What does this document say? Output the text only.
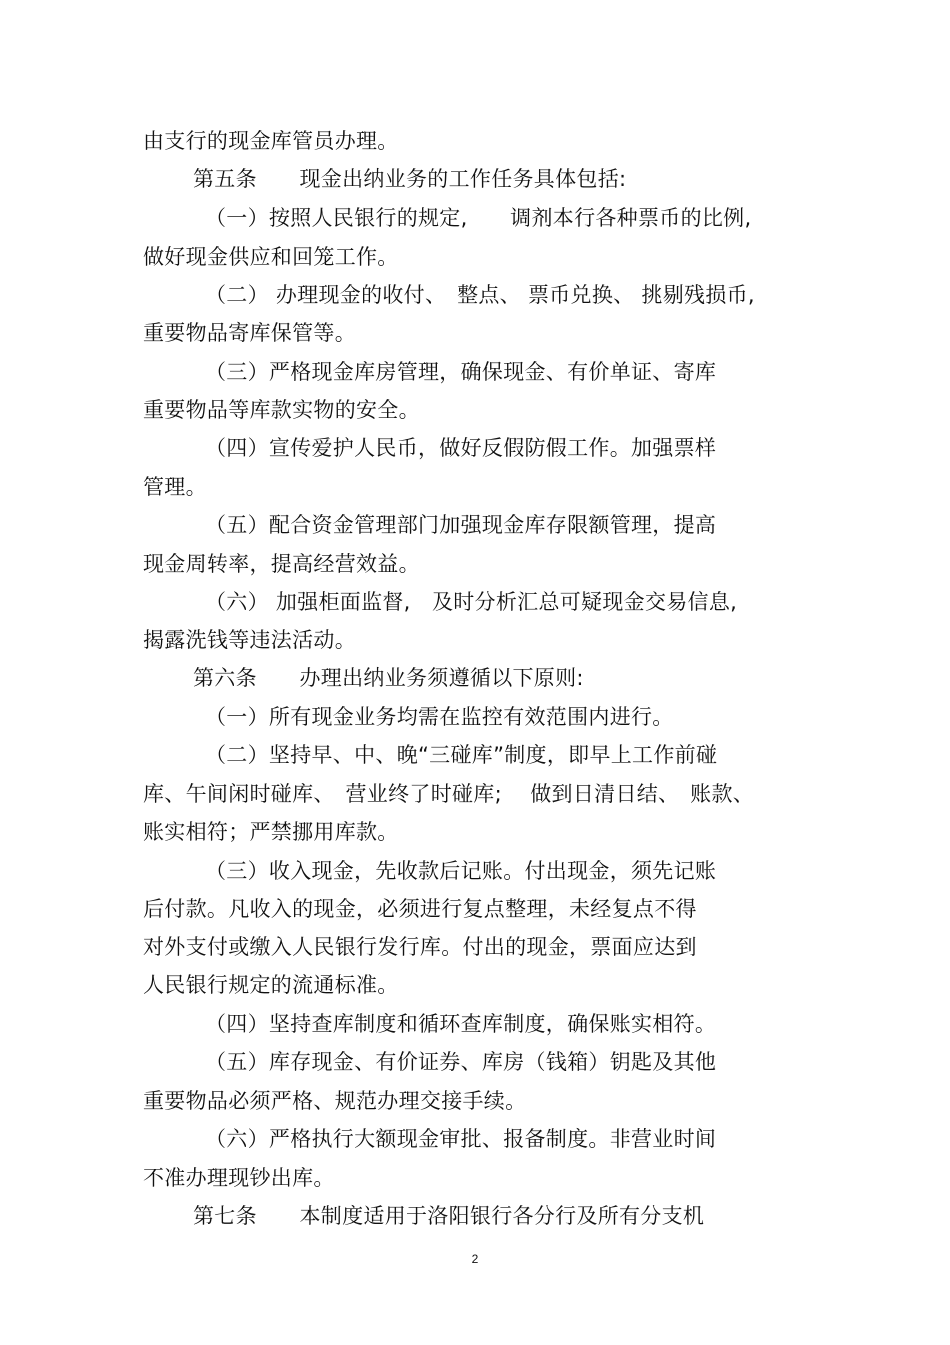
由支行的现金库管员办理。
第五条　　现金出纳业务的工作任务具体包括:
（一）按照人民银行的规定,　　调剂本行各种票币的比例,
做好现金供应和回笼工作。
（二） 办理现金的收付、　整点、 票币兑换、 挑剔残损币,
重要物品寄库保管等。
（三）严格现金库房管理，确保现金、有价单证、寄库
重要物品等库款实物的安全。
（四）宣传爱护人民币，做好反假防假工作。加强票样
管理。
（五）配合资金管理部门加强现金库存限额管理，提高
现金周转率，提高经营效益。
（六） 加强柜面监督,　及时分析汇总可疑现金交易信息,
揭露洗钱等违法活动。
第六条　　办理出纳业务须遵循以下原则:
（一）所有现金业务均需在监控有效范围内进行。
（二）坚持早、中、晚“三碰库”制度，即早上工作前碰
库、午间闲时碰库、　营业终了时碰库;　 做到日清日结、　账款、
账实相符；严禁挪用库款。
（三）收入现金，先收款后记账。付出现金，须先记账
后付款。凡收入的现金，必须进行复点整理，未经复点不得
对外支付或缴入人民银行发行库。付出的现金，票面应达到
人民银行规定的流通标准。
（四）坚持查库制度和循环查库制度，确保账实相符。
（五）库存现金、有价证券、库房（钱箱）钥匙及其他
重要物品必须严格、规范办理交接手续。
（六）严格执行大额现金审批、报备制度。非营业时间
不准办理现钞出库。
第七条　　本制度适用于洛阳银行各分行及所有分支机
2
